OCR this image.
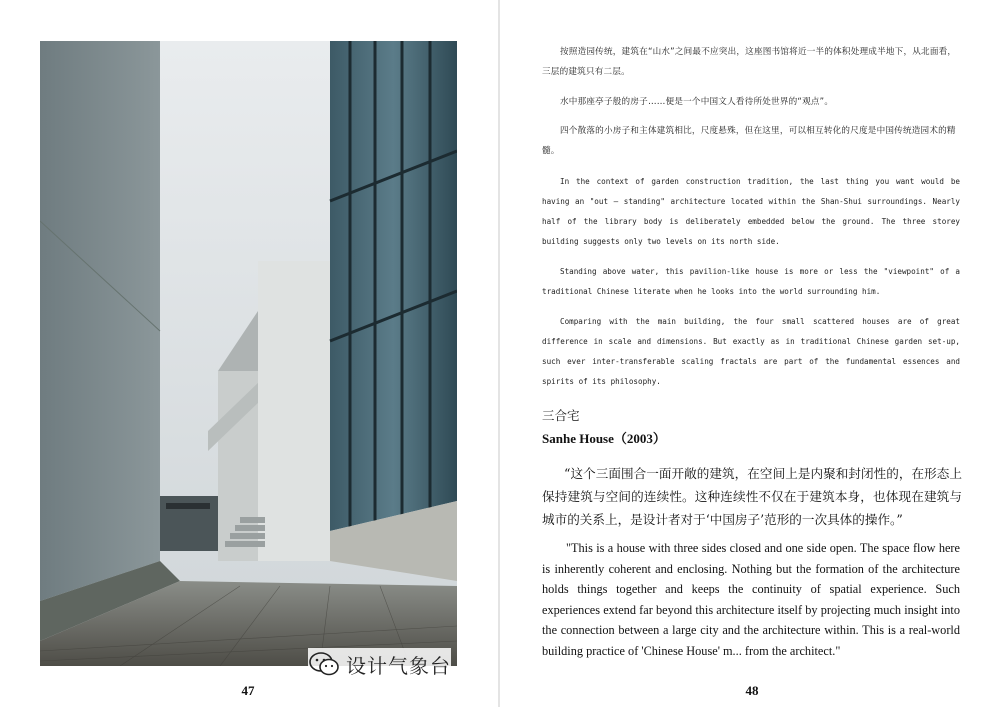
47
按照造园传统，建筑在“山水”之间最不应突出，这座图书馆将近一半的体积处理成半地下，从北面看，三层的建筑只有二层。
水中那座亭子般的房子……便是一个中国文人看待所处世界的“观点”。
四个散落的小房子和主体建筑相比，尺度悬殊，但在这里，可以相互转化的尺度是中国传统造园术的精髓。
In the context of garden construction tradition, the last thing you want would be having an "out – standing" architecture located within the Shan-Shui surroundings. Nearly half of the library body is deliberately embedded below the ground. The three storey building suggests only two levels on its north side.
Standing above water, this pavilion-like house is more or less the "viewpoint" of a traditional Chinese literate when he looks into the world surrounding him.
Comparing with the main building, the four small scattered houses are of great difference in scale and dimensions. But exactly as in traditional Chinese garden set-up, such ever inter-transferable scaling fractals are part of the fundamental essences and spirits of its philosophy.
三合宅
Sanhe House（2003）
“这个三面围合一面开敞的建筑，在空间上是内聚和封闭性的，在形态上保持建筑与空间的连续性。这种连续性不仅在于建筑本身，也体现在建筑与城市的关系上，是设计者对于‘中国房子’范形的一次具体的操作。”
"This is a house with three sides closed and one side open. The space flow here is inherently coherent and enclosing. Nothing but the formation of the architecture holds things together and keeps the continuity of spatial experience. Such experiences extend far beyond this architecture itself by projecting much insight into the connection between a large city and the architecture within. This is a real-world building practice of 'Chinese House' m... from the architect."
48
设计气象台
